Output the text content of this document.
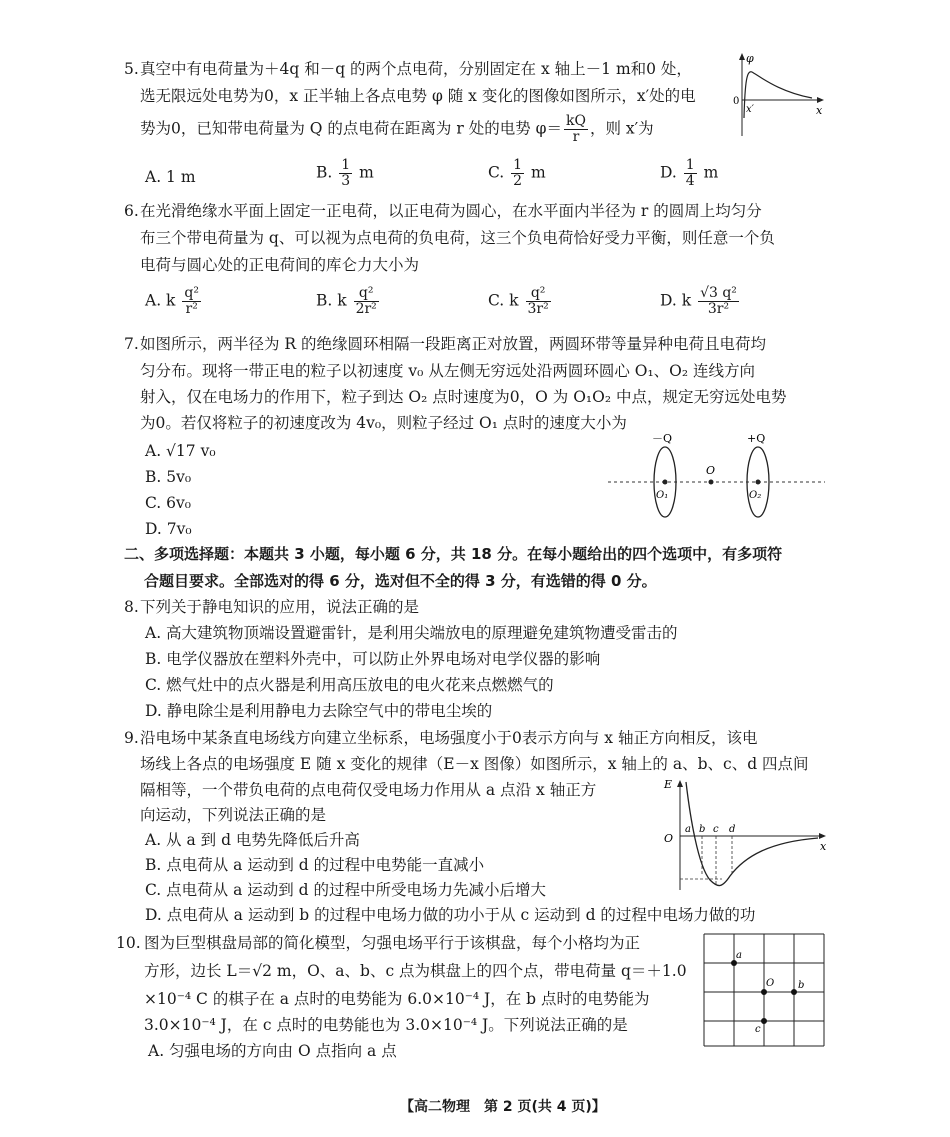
5. 真空中有电荷量为＋4q 和－q 的两个点电荷，分别固定在 x 轴上－1 m和0 处，
选无限远处电势为0，x 正半轴上各点电势 φ 随 x 变化的图像如图所示，x′处的电
势为0，已知带电荷量为 Q 的点电荷在距离为 r 处的电势 $\varphi= \frac{kQ}{r}$ ，则 x′为
A. 1 m	B. $\frac{1}{3}$ m	C. $\frac{1}{2}$ m	D. $\frac{1}{4}$ m
φ
0
x′	x
6. 在光滑绝缘水平面上固定一正电荷，以正电荷为圆心，在水平面内半径为 r 的圆周上均匀分
布三个带电荷量为 q、可以视为点电荷的负电荷，这三个负电荷恰好受力平衡，则任意一个负
电荷与圆心处的正电荷间的库仑力大小为
A. k $\frac{\text{q²}}{\text{r²}}$	B. k $\frac{\text{q²}}{\text{2r²}}$	C. k $\frac{\text{q²}}{\text{3r²}}$	D. k $\frac{\text{√3 q²}}{\text{3r²}}$
7. 如图所示，两半径为 R 的绝缘圆环相隔一段距离正对放置，两圆环带等量异种电荷且电荷均
匀分布。现将一带正电的粒子以初速度 v₀ 从左侧无穷远处沿两圆环圆心 O₁、O₂ 连线方向
射入，仅在电场力的作用下，粒子到达 O₂ 点时速度为0，O 为 O₁O₂ 中点，规定无穷远处电势
为0。若仅将粒子的初速度改为 4v₀，则粒子经过 O₁ 点时的速度大小为
A. √17 v₀
B. 5v₀
C. 6v₀
D. 7v₀
－Q	+Q
O
O₁	O₂
二、多项选择题：本题共 3 小题，每小题 6 分，共 18 分。在每小题给出的四个选项中，有多项符
合题目要求。全部选对的得 6 分，选对但不全的得 3 分，有选错的得 0 分。
8. 下列关于静电知识的应用，说法正确的是
A. 高大建筑物顶端设置避雷针，是利用尖端放电的原理避免建筑物遭受雷击的
B. 电学仪器放在塑料外壳中，可以防止外界电场对电学仪器的影响
C. 燃气灶中的点火器是利用高压放电的电火花来点燃燃气的
D. 静电除尘是利用静电力去除空气中的带电尘埃的
9. 沿电场中某条直电场线方向建立坐标系，电场强度小于0表示方向与 x 轴正方向相反，该电
场线上各点的电场强度 E 随 x 变化的规律（E－x 图像）如图所示，x 轴上的 a、b、c、d 四点间
隔相等，一个带负电荷的点电荷仅受电场力作用从 a 点沿 x 轴正方
向运动，下列说法正确的是
A. 从 a 到 d 电势先降低后升高
B. 点电荷从 a 运动到 d 的过程中电势能一直减小
C. 点电荷从 a 运动到 d 的过程中所受电场力先减小后增大
D. 点电荷从 a 运动到 b 的过程中电场力做的功小于从 c 运动到 d 的过程中电场力做的功
E
O
a b c d
x
10. 图为巨型棋盘局部的简化模型，匀强电场平行于该棋盘，每个小格均为正
方形，边长 L＝√2 m，O、a、b、c 点为棋盘上的四个点，带电荷量 q＝＋1.0
×10⁻⁴ C 的棋子在 a 点时的电势能为 6.0×10⁻⁴ J，在 b 点时的电势能为
3.0×10⁻⁴ J，在 c 点时的电势能也为 3.0×10⁻⁴ J。下列说法正确的是
A. 匀强电场的方向由 O 点指向 a 点
a
O b
c
【高二物理　第 2 页(共 4 页)】
